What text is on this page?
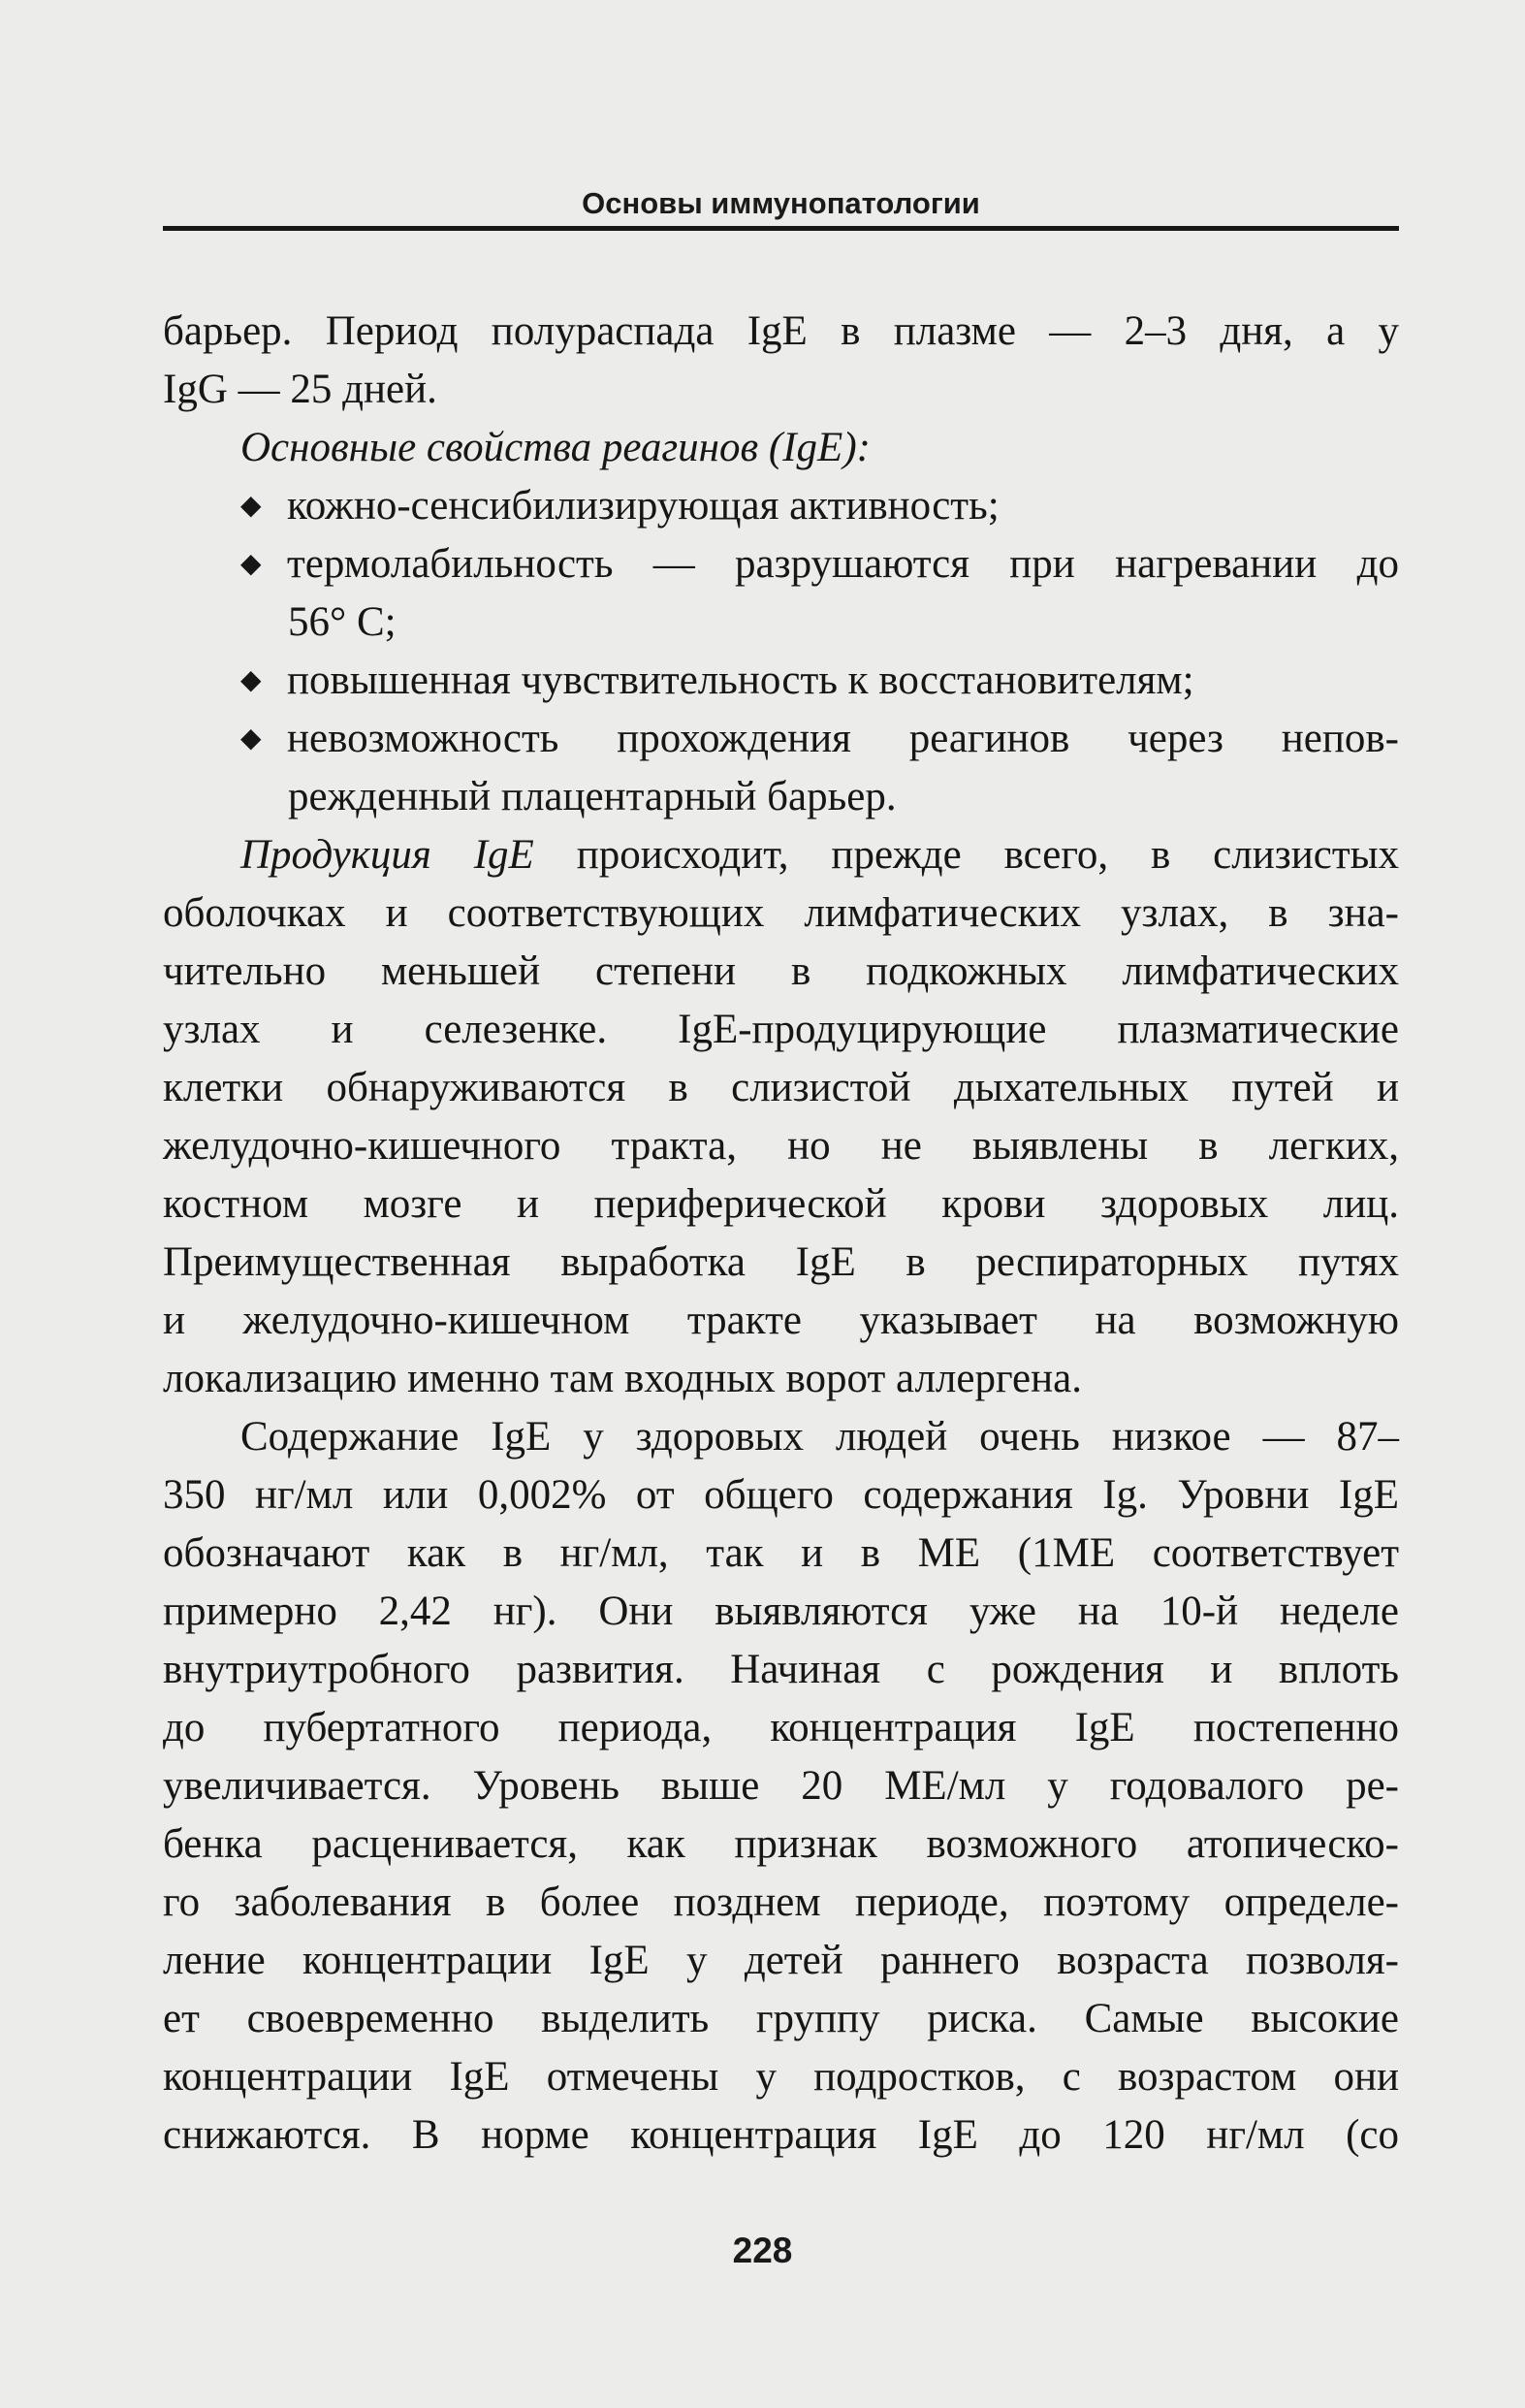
Основы иммунопатологии
барьер. Период полураспада IgE в плазме — 2–3 дня, а у
IgG — 25 дней.
Основные свойства реагинов (IgE):
◆ кожно-сенсибилизирующая активность;
◆ термолабильность — разрушаются при нагревании до
56° C;
◆ повышенная чувствительность к восстановителям;
◆ невозможность прохождения реагинов через непов-
режденный плацентарный барьер.
Продукция IgE происходит, прежде всего, в слизистых
оболочках и соответствующих лимфатических узлах, в зна-
чительно меньшей степени в подкожных лимфатических
узлах и селезенке. IgE-продуцирующие плазматические
клетки обнаруживаются в слизистой дыхательных путей и
желудочно-кишечного тракта, но не выявлены в легких,
костном мозге и периферической крови здоровых лиц.
Преимущественная выработка IgE в респираторных путях
и желудочно-кишечном тракте указывает на возможную
локализацию именно там входных ворот аллергена.
Содержание IgE у здоровых людей очень низкое — 87–
350 нг/мл или 0,002% от общего содержания Ig. Уровни IgE
обозначают как в нг/мл, так и в МЕ (1МЕ соответствует
примерно 2,42 нг). Они выявляются уже на 10-й неделе
внутриутробного развития. Начиная с рождения и вплоть
до пубертатного периода, концентрация IgE постепенно
увеличивается. Уровень выше 20 МЕ/мл у годовалого ре-
бенка расценивается, как признак возможного атопическо-
го заболевания в более позднем периоде, поэтому определе-
ление концентрации IgE у детей раннего возраста позволя-
ет своевременно выделить группу риска. Самые высокие
концентрации IgE отмечены у подростков, с возрастом они
снижаются. В норме концентрация IgE до 120 нг/мл (со
228
